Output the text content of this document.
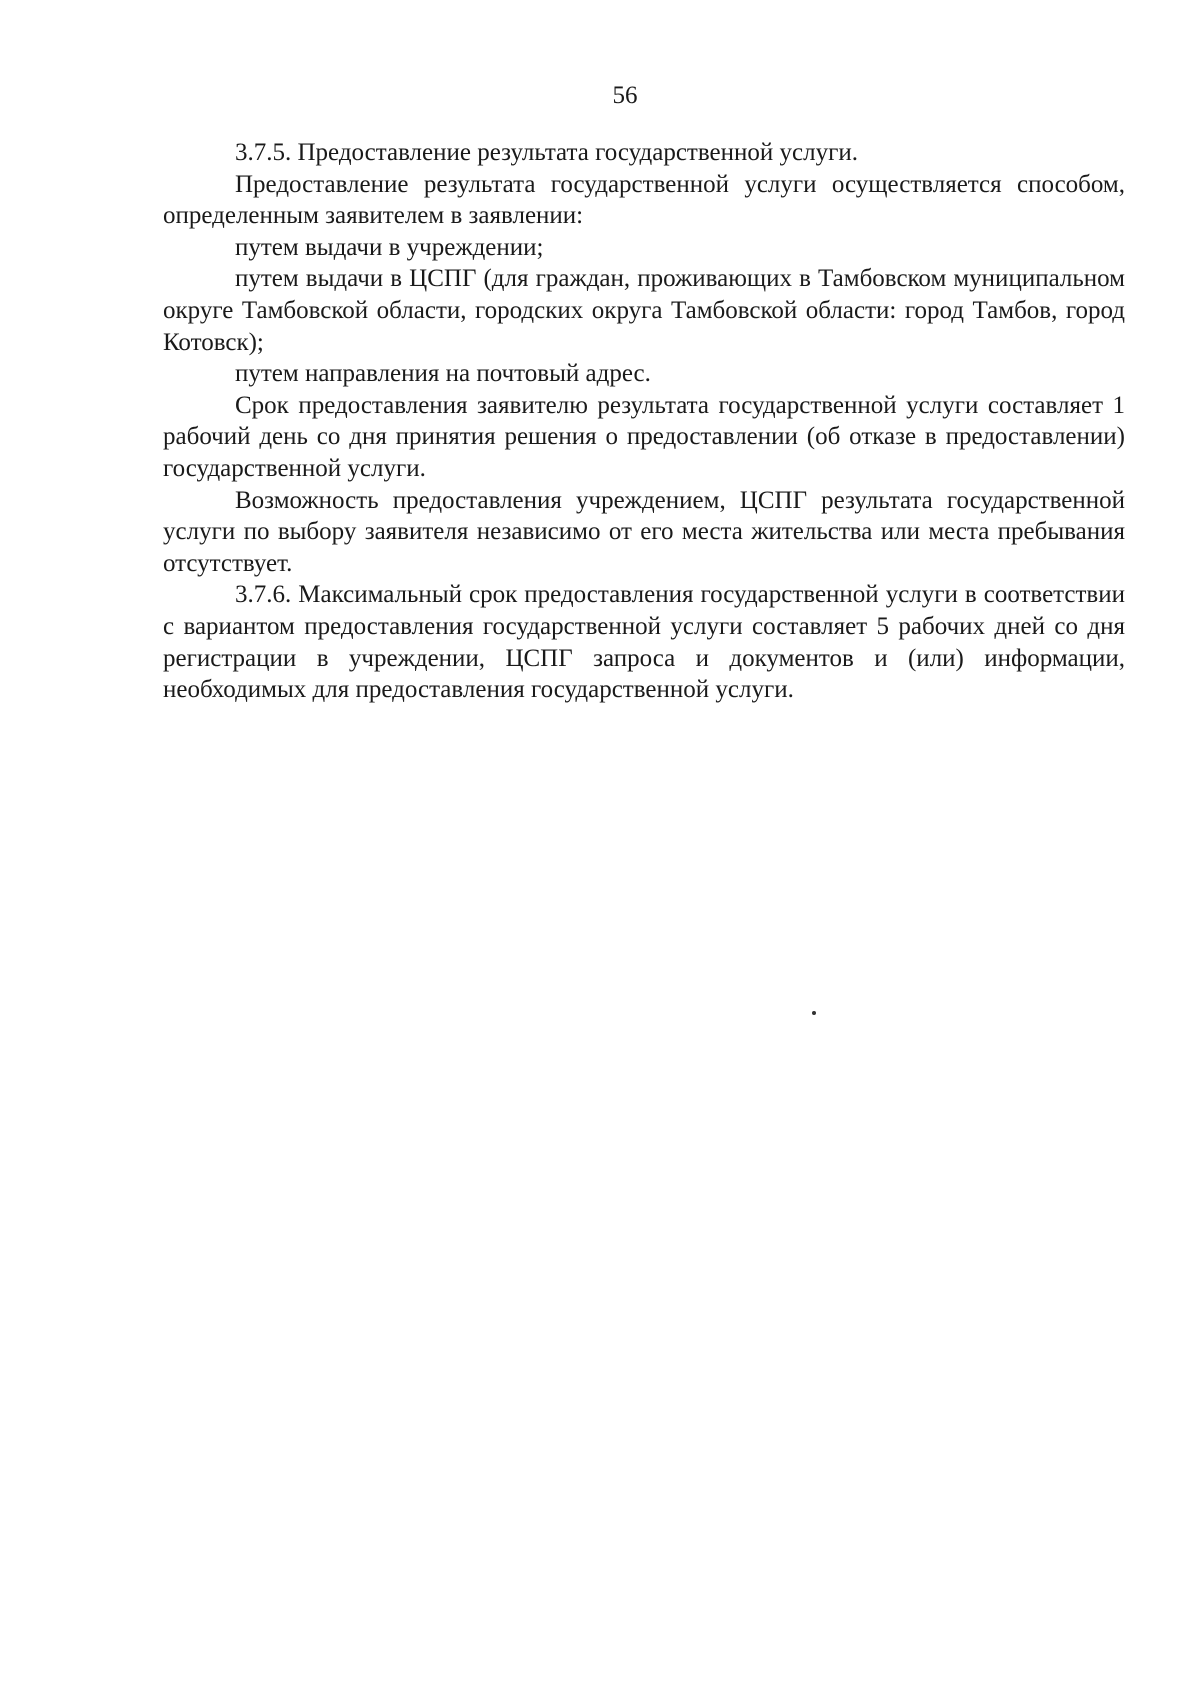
56

3.7.5. Предоставление результата государственной услуги.

Предоставление результата государственной услуги осуществляется способом, определенным заявителем в заявлении:

путем выдачи в учреждении;

путем выдачи в ЦСПГ (для граждан, проживающих в Тамбовском муниципальном округе Тамбовской области, городских округа Тамбовской области: город Тамбов, город Котовск);

путем направления на почтовый адрес.

Срок предоставления заявителю результата государственной услуги составляет 1 рабочий день со дня принятия решения о предоставлении (об отказе в предоставлении) государственной услуги.

Возможность предоставления учреждением, ЦСПГ результата государственной услуги по выбору заявителя независимо от его места жительства или места пребывания отсутствует.

3.7.6. Максимальный срок предоставления государственной услуги в соответствии с вариантом предоставления государственной услуги составляет 5 рабочих дней со дня регистрации в учреждении, ЦСПГ запроса и документов и (или) информации, необходимых для предоставления государственной услуги.
